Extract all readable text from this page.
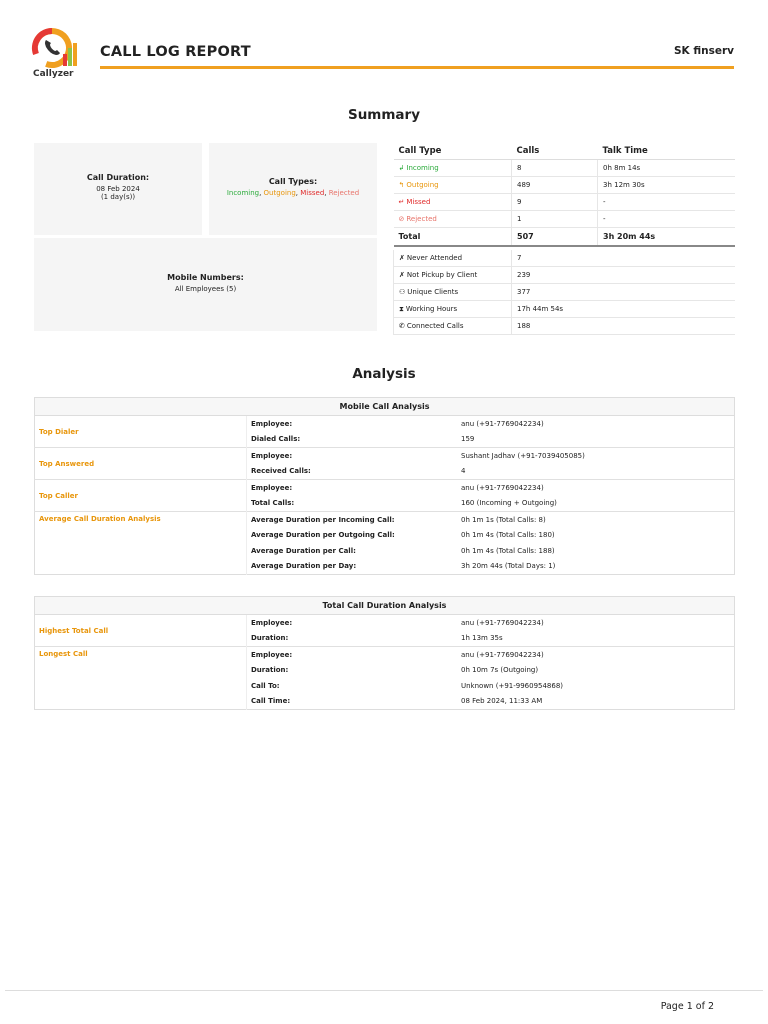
Callyzer
CALL LOG REPORT	SK finserv
Summary
Call Duration:
08 Feb 2024
(1 day(s))
Call Types:
Incoming, Outgoing, Missed, Rejected
Mobile Numbers:
All Employees (5)
Call Type	Calls	Talk Time
↲ Incoming	8	0h 8m 14s
↰ Outgoing	489	3h 12m 30s
↵ Missed	9	-
⊘ Rejected	1	-
Total	507	3h 20m 44s

✗ Never Attended	7	
✗ Not Pickup by Client	239	
⚇ Unique Clients	377	
⧗ Working Hours	17h 44m 54s	
✆ Connected Calls	188	
Analysis
Mobile Call Analysis		
Top Dialer	Employee:	anu (+91-7769042234)
	Dialed Calls:	159
Top Answered	Employee:	Sushant Jadhav (+91-7039405085)
	Received Calls:	4
Top Caller	Employee:	anu (+91-7769042234)
	Total Calls:	160 (Incoming + Outgoing)
Average Call Duration Analysis	Average Duration per Incoming Call:	0h 1m 1s (Total Calls: 8)
	Average Duration per Outgoing Call:	0h 1m 4s (Total Calls: 180)
	Average Duration per Call:	0h 1m 4s (Total Calls: 188)
	Average Duration per Day:	3h 20m 44s (Total Days: 1)
Total Call Duration Analysis		
Highest Total Call	Employee:	anu (+91-7769042234)
	Duration:	1h 13m 35s
Longest Call	Employee:	anu (+91-7769042234)
	Duration:	0h 10m 7s (Outgoing)
	Call To:	Unknown (+91-9960954868)
	Call Time:	08 Feb 2024, 11:33 AM
Page 1 of 2
